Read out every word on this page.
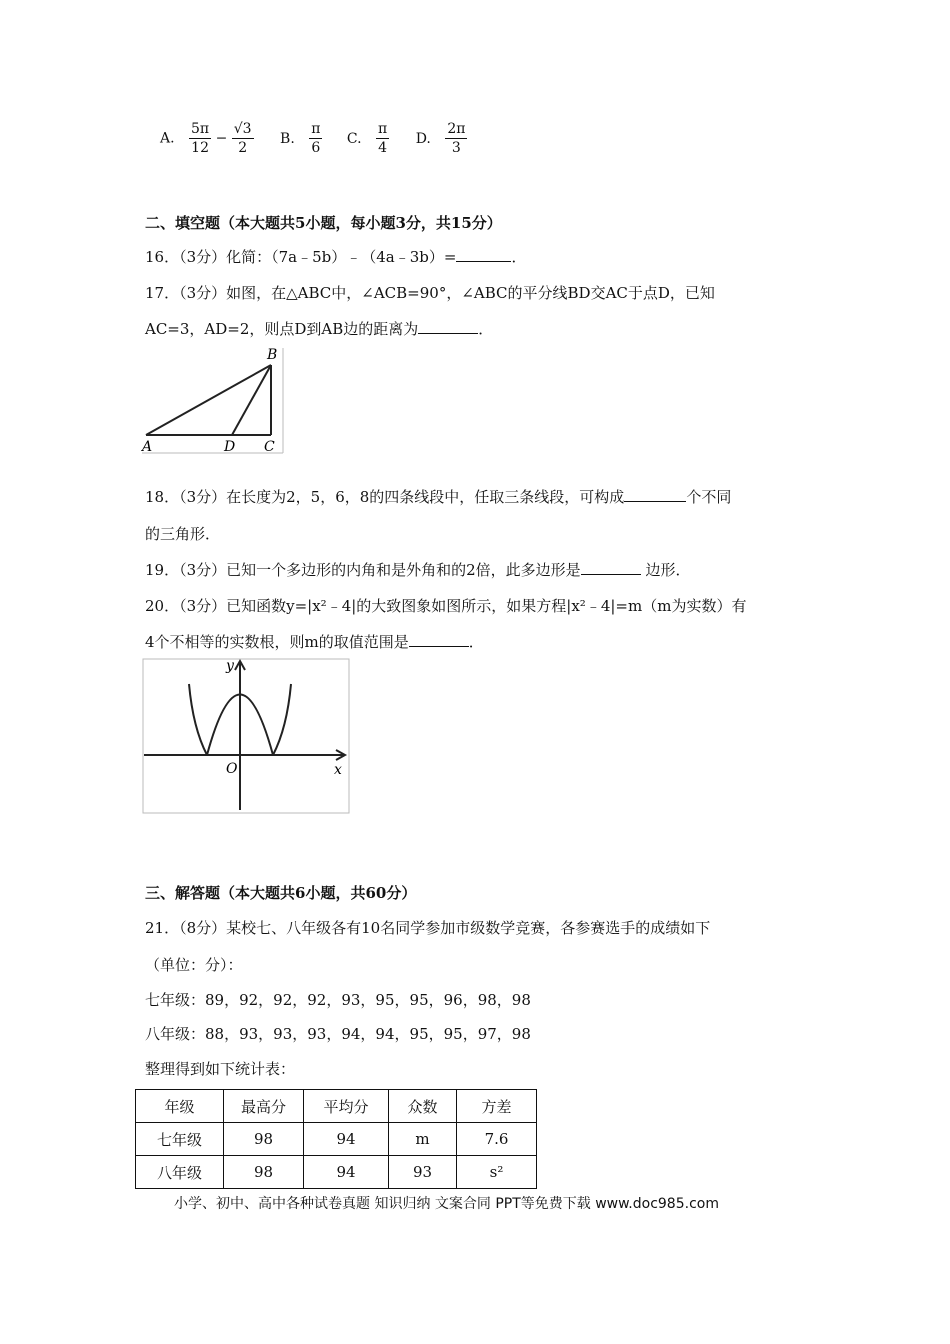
A. $\frac{5\pi}{12} - \frac{√3}{2} B$. $\frac{\pi}{6} C$. $\frac{\pi}{4} D$. $\frac{2\pi}{3}$
二、填空题（本大题共5小题，每小题3分，共15分）
16．（3分）化简：（7a﹣5b）﹣（4a﹣3b）=	．
17．（3分）如图，在△ABC中，∠ACB=90°，∠ABC的平分线BD交AC于点D，已知
AC=3，AD=2，则点D到AB边的距离为	．
A
B
C
D
18．（3分）在长度为2，5，6，8的四条线段中，任取三条线段，可构成	个不同
的三角形．
19．（3分）已知一个多边形的内角和是外角和的2倍，此多边形是	边形．
20．（3分）已知函数y=|x²﹣4|的大致图象如图所示，如果方程|x²﹣4|=m（m为实数）有
4个不相等的实数根，则m的取值范围是	．
y
x
O
三、解答题（本大题共6小题，共60分）
21．（8分）某校七、八年级各有10名同学参加市级数学竞赛，各参赛选手的成绩如下
（单位：分）：
七年级：89，92，92，92，93，95，95，96，98，98
八年级：88，93，93，93，94，94，95，95，97，98
整理得到如下统计表：
年级	最高分	平均分	众数	方差
七年级	98	94	m	7.6
八年级	98	94	93	s²
小学、初中、高中各种试卷真题 知识归纳 文案合同 PPT等免费下载 www.doc985.com
